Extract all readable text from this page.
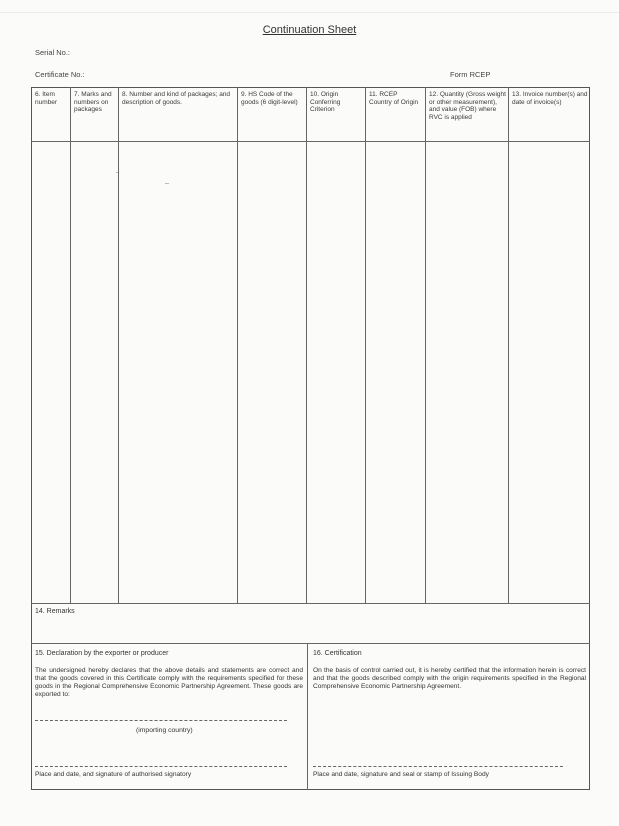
Continuation Sheet
Serial No.:
Certificate No.:	Form RCEP
6. Item number
7. Marks and numbers on packages
8. Number and kind of packages; and description of goods.
9. HS Code of the goods (6 digit-level)
10. Origin Conferring Criterion
11. RCEP Country of Origin
12. Quantity (Gross weight or other measurement), and value (FOB) where RVC is applied
13. Invoice number(s) and date of invoice(s)
14. Remarks
15. Declaration by the exporter or producer
The undersigned hereby declares that the above details and statements are correct and that the goods covered in this Certificate comply with the requirements specified for these goods in the Regional Comprehensive Economic Partnership Agreement. These goods are exported to:
(importing country)
Place and date, and signature of authorised signatory
16. Certification
On the basis of control carried out, it is hereby certified that the information herein is correct and that the goods described comply with the origin requirements specified in the Regional Comprehensive Economic Partnership Agreement.
Place and date, signature and seal or stamp of Issuing Body
